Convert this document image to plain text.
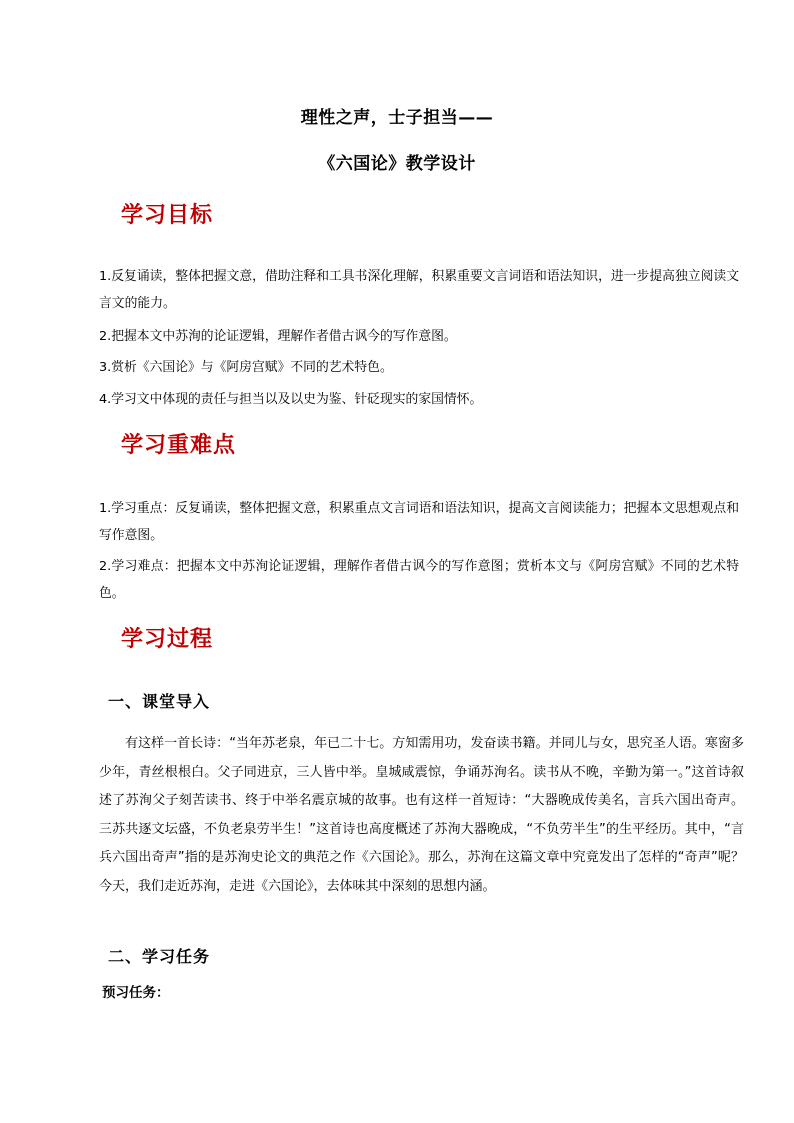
理性之声，士子担当——
《六国论》教学设计
学习目标
1.反复诵读，整体把握文意，借助注释和工具书深化理解，积累重要文言词语和语法知识，进一步提高独立阅读文言文的能力。
2.把握本文中苏洵的论证逻辑，理解作者借古讽今的写作意图。
3.赏析《六国论》与《阿房宫赋》不同的艺术特色。
4.学习文中体现的责任与担当以及以史为鉴、针砭现实的家国情怀。
学习重难点
1.学习重点：反复诵读，整体把握文意，积累重点文言词语和语法知识，提高文言阅读能力；把握本文思想观点和写作意图。
2.学习难点：把握本文中苏洵论证逻辑，理解作者借古讽今的写作意图；赏析本文与《阿房宫赋》不同的艺术特色。
学习过程
一、课堂导入
有这样一首长诗：“当年苏老泉，年已二十七。方知需用功，发奋读书籍。并同儿与女，思究圣人语。寒窗多少年，青丝根根白。父子同进京，三人皆中举。皇城咸震惊，争诵苏洵名。读书从不晚，辛勤为第一。”这首诗叙述了苏洵父子刻苦读书、终于中举名震京城的故事。也有这样一首短诗：“大器晚成传美名，言兵六国出奇声。 三苏共逐文坛盛，不负老泉劳半生！”这首诗也高度概述了苏洵大器晚成，“不负劳半生”的生平经历。其中，“言兵六国出奇声”指的是苏洵史论文的典范之作《六国论》。那么，苏洵在这篇文章中究竟发出了怎样的“奇声”呢？今天，我们走近苏洵，走进《六国论》，去体味其中深刻的思想内涵。
二、学习任务
预习任务：
